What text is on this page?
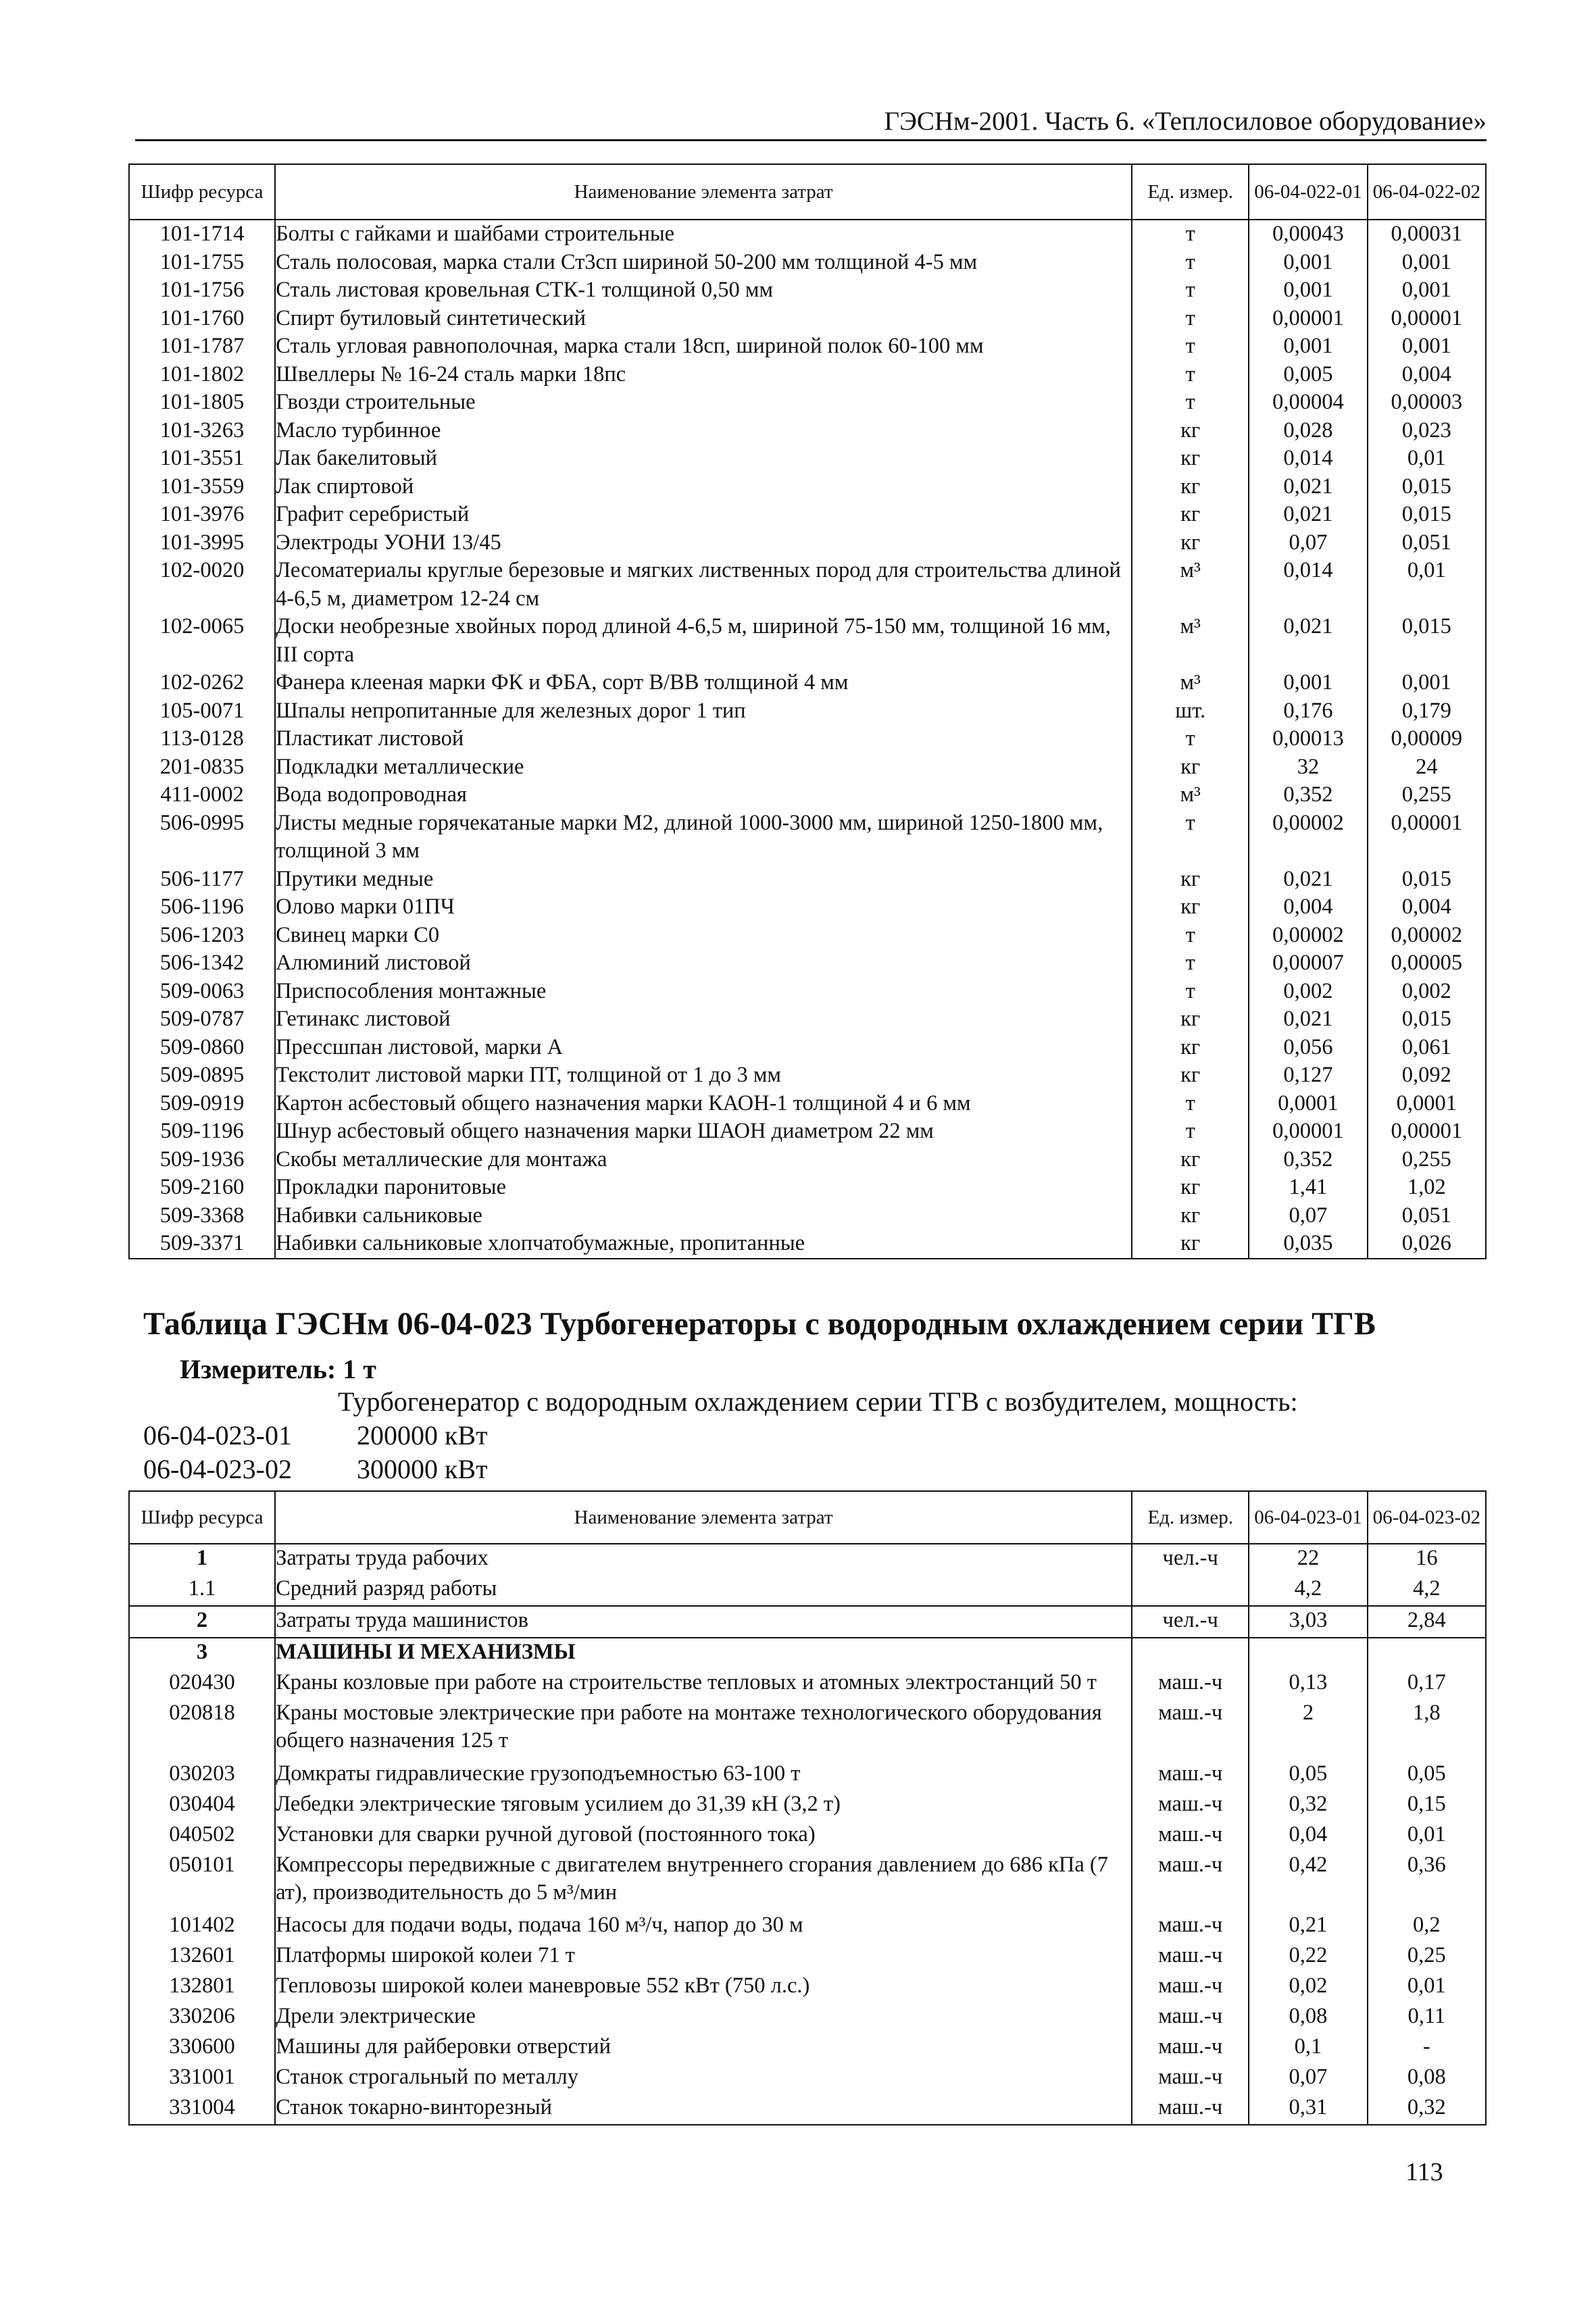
ГЭСНм-2001. Часть 6. «Теплосиловое оборудование»
Шифр ресурса	Наименование элемента затрат	Ед. измер.	06-04-022-01	06-04-022-02
101-1714	Болты с гайками и шайбами строительные	т	0,00043	0,00031
101-1755	Сталь полосовая, марка стали Ст3сп шириной 50-200 мм толщиной 4-5 мм	т	0,001	0,001
101-1756	Сталь листовая кровельная СТК-1 толщиной 0,50 мм	т	0,001	0,001
101-1760	Спирт бутиловый синтетический	т	0,00001	0,00001
101-1787	Сталь угловая равнополочная, марка стали 18сп, шириной полок 60-100 мм	т	0,001	0,001
101-1802	Швеллеры № 16-24 сталь марки 18пс	т	0,005	0,004
101-1805	Гвозди строительные	т	0,00004	0,00003
101-3263	Масло турбинное	кг	0,028	0,023
101-3551	Лак бакелитовый	кг	0,014	0,01
101-3559	Лак спиртовой	кг	0,021	0,015
101-3976	Графит серебристый	кг	0,021	0,015
101-3995	Электроды УОНИ 13/45	кг	0,07	0,051
102-0020	Лесоматериалы круглые березовые и мягких лиственных пород для строительства длиной 4-6,5 м, диаметром 12-24 см	м³	0,014	0,01
102-0065	Доски необрезные хвойных пород длиной 4-6,5 м, шириной 75-150 мм, толщиной 16 мм, III сорта	м³	0,021	0,015
102-0262	Фанера клееная марки ФК и ФБА, сорт В/ВВ толщиной 4 мм	м³	0,001	0,001
105-0071	Шпалы непропитанные для железных дорог 1 тип	шт.	0,176	0,179
113-0128	Пластикат листовой	т	0,00013	0,00009
201-0835	Подкладки металлические	кг	32	24
411-0002	Вода водопроводная	м³	0,352	0,255
506-0995	Листы медные горячекатаные марки М2, длиной 1000-3000 мм, шириной 1250-1800 мм, толщиной 3 мм	т	0,00002	0,00001
506-1177	Прутики медные	кг	0,021	0,015
506-1196	Олово марки 01ПЧ	кг	0,004	0,004
506-1203	Свинец марки С0	т	0,00002	0,00002
506-1342	Алюминий листовой	т	0,00007	0,00005
509-0063	Приспособления монтажные	т	0,002	0,002
509-0787	Гетинакс листовой	кг	0,021	0,015
509-0860	Прессшпан листовой, марки А	кг	0,056	0,061
509-0895	Текстолит листовой марки ПТ, толщиной от 1 до 3 мм	кг	0,127	0,092
509-0919	Картон асбестовый общего назначения марки КАОН-1 толщиной 4 и 6 мм	т	0,0001	0,0001
509-1196	Шнур асбестовый общего назначения марки ШАОН диаметром 22 мм	т	0,00001	0,00001
509-1936	Скобы металлические для монтажа	кг	0,352	0,255
509-2160	Прокладки паронитовые	кг	1,41	1,02
509-3368	Набивки сальниковые	кг	0,07	0,051
509-3371	Набивки сальниковые хлопчатобумажные, пропитанные	кг	0,035	0,026
Таблица ГЭСНм 06-04-023 Турбогенераторы с водородным охлаждением серии ТГВ
Измеритель: 1 т
Турбогенератор с водородным охлаждением серии ТГВ с возбудителем, мощность:
06-04-023-01 200000 кВт
06-04-023-02 300000 кВт
Шифр ресурса	Наименование элемента затрат	Ед. измер.	06-04-023-01	06-04-023-02
1	Затраты труда рабочих	чел.-ч	22	16
1.1	Средний разряд работы		4,2	4,2
2	Затраты труда машинистов	чел.-ч	3,03	2,84
3	МАШИНЫ И МЕХАНИЗМЫ			
020430	Краны козловые при работе на строительстве тепловых и атомных электростанций 50 т	маш.-ч	0,13	0,17
020818	Краны мостовые электрические при работе на монтаже технологического оборудования общего назначения 125 т	маш.-ч	2	1,8
030203	Домкраты гидравлические грузоподъемностью 63-100 т	маш.-ч	0,05	0,05
030404	Лебедки электрические тяговым усилием до 31,39 кН (3,2 т)	маш.-ч	0,32	0,15
040502	Установки для сварки ручной дуговой (постоянного тока)	маш.-ч	0,04	0,01
050101	Компрессоры передвижные с двигателем внутреннего сгорания давлением до 686 кПа (7 ат), производительность до 5 м³/мин	маш.-ч	0,42	0,36
101402	Насосы для подачи воды, подача 160 м³/ч, напор до 30 м	маш.-ч	0,21	0,2
132601	Платформы широкой колеи 71 т	маш.-ч	0,22	0,25
132801	Тепловозы широкой колеи маневровые 552 кВт (750 л.с.)	маш.-ч	0,02	0,01
330206	Дрели электрические	маш.-ч	0,08	0,11
330600	Машины для райберовки отверстий	маш.-ч	0,1	-
331001	Станок строгальный по металлу	маш.-ч	0,07	0,08
331004	Станок токарно-винторезный	маш.-ч	0,31	0,32
113
